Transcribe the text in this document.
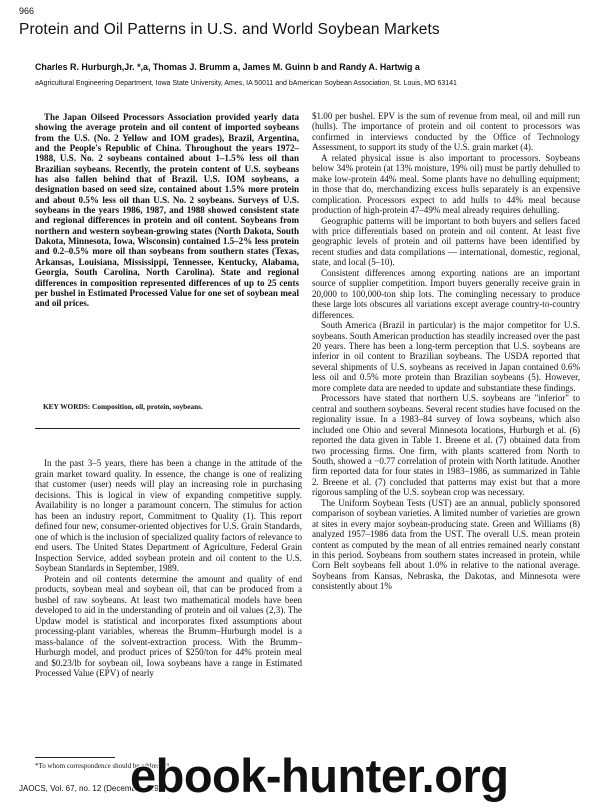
966
Protein and Oil Patterns in U.S. and World Soybean Markets
Charles R. Hurburgh,Jr. *,a, Thomas J. Brumm a, James M. Guinn b and Randy A. Hartwig a
aAgricultural Engineering Department, Iowa State University, Ames, IA 50011 and bAmerican Soybean Association, St. Louis, MO 63141

The Japan Oilseed Processors Association provided yearly data showing the average protein and oil content of imported soybeans from the U.S. (No. 2 Yellow and IOM grades), Brazil, Argentina, and the People's Republic of China. Throughout the years 1972–1988, U.S. No. 2 soybeans contained about 1–1.5% less oil than Brazilian soybeans. Recently, the protein content of U.S. soybeans has also fallen behind that of Brazil. U.S. IOM soybeans, a designation based on seed size, contained about 1.5% more protein and about 0.5% less oil than U.S. No. 2 soybeans. Surveys of U.S. soybeans in the years 1986, 1987, and 1988 showed consistent state and regional differences in protein and oil content. Soybeans from northern and western soybean-growing states (North Dakota, South Dakota, Minnesota, Iowa, Wisconsin) contained 1.5–2% less protein and 0.2–0.5% more oil than soybeans from southern states (Texas, Arkansas, Louisiana, Mississippi, Tennessee, Kentucky, Alabama, Georgia, South Carolina, North Carolina). State and regional differences in composition represented differences of up to 25 cents per bushel in Estimated Processed Value for one set of soybean meal and oil prices.

KEY WORDS: Composition, oil, protein, soybeans.

In the past 3–5 years, there has been a change in the attitude of the grain market toward quality. In essence, the change is one of realizing that customer (user) needs will play an increasing role in purchasing decisions. This is logical in view of expanding competitive supply. Availability is no longer a paramount concern. The stimulus for action has been an industry report, Commitment to Quality (1). This report defined four new, consumer-oriented objectives for U.S. Grain Standards, one of which is the inclusion of specialized quality factors of relevance to end users. The United States Department of Agriculture, Federal Grain Inspection Service, added soybean protein and oil content to the U.S. Soybean Standards in September, 1989.

Protein and oil contents determine the amount and quality of end products, soybean meal and soybean oil, that can be produced from a bushel of raw soybeans. At least two mathematical models have been developed to aid in the understanding of protein and oil values (2,3). The Updaw model is statistical and incorporates fixed assumptions about processing-plant variables, whereas the Brumm–Hurburgh model is a mass-balance of the solvent-extraction process. With the Brumm–Hurburgh model, and product prices of $250/ton for 44% protein meal and $0.23/lb for soybean oil, Iowa soybeans have a range in Estimated Processed Value (EPV) of nearly

$1.00 per bushel. EPV is the sum of revenue from meal, oil and mill run (hulls). The importance of protein and oil content to processors was confirmed in interviews conducted by the Office of Technology Assessment, to support its study of the U.S. grain market (4).

A related physical issue is also important to processors. Soybeans below 34% protein (at 13% moisture, 19% oil) must be partly dehulled to make low-protein 44% meal. Some plants have no dehulling equipment; in those that do, merchandizing excess hulls separately is an expensive complication. Processors expect to add hulls to 44% meal because production of high-protein 47–49% meal already requires dehulling.

Geographic patterns will be important to both buyers and sellers faced with price differentials based on protein and oil content. At least five geographic levels of protein and oil patterns have been identified by recent studies and data compilations — international, domestic, regional, state, and local (5–10).

Consistent differences among exporting nations are an important source of supplier competition. Import buyers generally receive grain in 20,000 to 100,000-ton ship lots. The comingling necessary to produce these large lots obscures all variations except average country-to-country differences.

South America (Brazil in particular) is the major competitor for U.S. soybeans. South American production has steadily increased over the past 20 years. There has been a long-term perception that U.S. soybeans are inferior in oil content to Brazilian soybeans. The USDA reported that several shipments of U.S. soybeans as received in Japan contained 0.6% less oil and 0.5% more protein than Brazilian soybeans (5). However, more complete data are needed to update and substantiate these findings.

Processors have stated that northern U.S. soybeans are "inferior" to central and southern soybeans. Several recent studies have focused on the regionality issue. In a 1983–84 survey of Iowa soybeans, which also included one Ohio and several Minnesota locations, Hurburgh et al. (6) reported the data given in Table 1. Breene et al. (7) obtained data from two processing firms. One firm, with plants scattered from North to South, showed a −0.77 correlation of protein with North latitude. Another firm reported data for four states in 1983–1986, as summarized in Table 2. Breene et al. (7) concluded that patterns may exist but that a more rigorous sampling of the U.S. soybean crop was necessary.

The Uniform Soybean Tests (UST) are an annual, publicly sponsored comparison of soybean varieties. A limited number of varieties are grown at sites in every major soybean-producing state. Green and Williams (8) analyzed 1957–1986 data from the UST. The overall U.S. mean protein content as computed by the mean of all entries remained nearly constant in this period. Soybeans from southern states increased in protein, while Corn Belt soybeans fell about 1.0% in relative to the national average. Soybeans from Kansas, Nebraska, the Dakotas, and Minnesota were consistently about 1%

*To whom correspondence should be addressed.
JAOCS, Vol. 67, no. 12 (December 1990)
ebook-hunter.org
